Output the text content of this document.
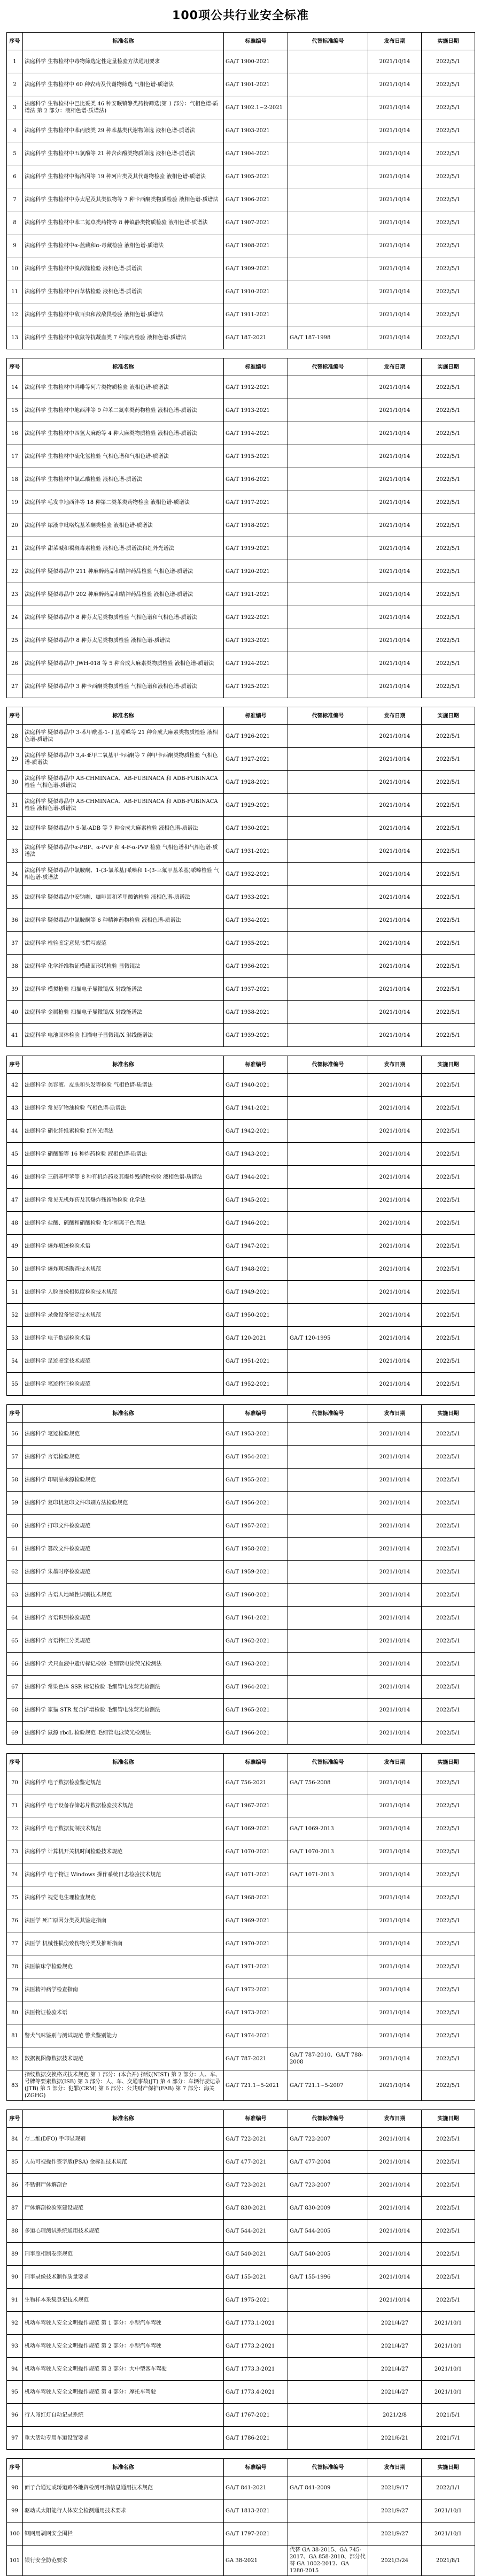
100项公共行业安全标准
序号	标准名称	标准编号	代替标准编号	发布日期	实施日期
1	法庭科学 生物检材中毒物筛选定性定量检验方法通用要求	GA/T 1900-2021		2021/10/14	2022/5/1
2	法庭科学 生物检材中 60 种农药及代谢物筛选 气相色谱-质谱法	GA/T 1901-2021		2021/10/14	2022/5/1
3	法庭科学 生物检材中巴比妥类 46 种安眠镇静类药物筛选(第 1 部分：气相色谱-质谱法 第 2 部分：液相色谱-质谱法)	GA/T 1902.1~2-2021		2021/10/14	2022/5/1
4	法庭科学 生物检材中苯丙胺类 29 种苯基类代谢物筛选 液相色谱-质谱法	GA/T 1903-2021		2021/10/14	2022/5/1
5	法庭科学 生物检材中五氯酚等 21 种含卤酚类物质筛选 液相色谱-质谱法	GA/T 1904-2021		2021/10/14	2022/5/1
6	法庭科学 生物检材中海洛因等 19 种阿片类及其代谢物检验 液相色谱-质谱法	GA/T 1905-2021		2021/10/14	2022/5/1
7	法庭科学 生物检材中芬太尼及其类似物等 7 种卡西酮类物质检验 液相色谱-质谱法	GA/T 1906-2021		2021/10/14	2022/5/1
8	法庭科学 生物检材中苯二氮卓类药物等 8 种镇静类物质检验 液相色谱-质谱法	GA/T 1907-2021		2021/10/14	2022/5/1
9	法庭科学 生物检材中α-蓝藏和α-毒藏检验 液相色谱-质谱法	GA/T 1908-2021		2021/10/14	2022/5/1
10	法庭科学 生物检材中溴敌隆检验 液相色谱-质谱法	GA/T 1909-2021		2021/10/14	2022/5/1
11	法庭科学 生物检材中百草枯检验 液相色谱-质谱法	GA/T 1910-2021		2021/10/14	2022/5/1
12	法庭科学 生物检材中敌百虫和敌敌畏检验 液相色谱-质谱法	GA/T 1911-2021		2021/10/14	2022/5/1
13	法庭科学 生物检材中敌鼠等抗凝血类 7 种鼠药检验 液相色谱-质谱法	GA/T 187-2021	GA/T 187-1998	2021/10/14	2022/5/1

序号	标准名称	标准编号	代替标准编号	发布日期	实施日期
14	法庭科学 生物检材中吗啡等阿片类物质检验 液相色谱-质谱法	GA/T 1912-2021		2021/10/14	2022/5/1
15	法庭科学 生物检材中地西泮等 9 种苯二氮卓类药物检验 液相色谱-质谱法	GA/T 1913-2021		2021/10/14	2022/5/1
16	法庭科学 生物检材中四氢大麻酚等 4 种大麻类物质检验 液相色谱-质谱法	GA/T 1914-2021		2021/10/14	2022/5/1
17	法庭科学 生物检材中硫化氢检验 气相色谱和气相色谱-质谱法	GA/T 1915-2021		2021/10/14	2022/5/1
18	法庭科学 生物检材中氯乙酸检验 液相色谱-质谱法	GA/T 1916-2021		2021/10/14	2022/5/1
19	法庭科学 毛发中地西泮等 18 种第二类苯类药物检验 液相色谱-质谱法	GA/T 1917-2021		2021/10/14	2022/5/1
20	法庭科学 尿液中吡咯烷基苯酮类检验 液相色谱-质谱法	GA/T 1918-2021		2021/10/14	2022/5/1
21	法庭科学 甜菜碱和褐斑毒素检验 液相色谱-质谱法和红外光谱法	GA/T 1919-2021		2021/10/14	2022/5/1
22	法庭科学 疑似毒品中 211 种麻醉药品和精神药品检验 气相色谱-质谱法	GA/T 1920-2021		2021/10/14	2022/5/1
23	法庭科学 疑似毒品中 202 种麻醉药品和精神药品检验 液相色谱-质谱法	GA/T 1921-2021		2021/10/14	2022/5/1
24	法庭科学 疑似毒品中 8 种芬太尼类物质检验 气相色谱和气相色谱-质谱法	GA/T 1922-2021		2021/10/14	2022/5/1
25	法庭科学 疑似毒品中 8 种芬太尼类物质检验 液相色谱-质谱法	GA/T 1923-2021		2021/10/14	2022/5/1
26	法庭科学 疑似毒品中 JWH-018 等 5 种合成大麻素类物质检验 液相色谱-质谱法	GA/T 1924-2021		2021/10/14	2022/5/1
27	法庭科学 疑似毒品中 3 种卡西酮类物质检验 气相色谱和液相色谱-质谱法	GA/T 1925-2021		2021/10/14	2022/5/1

序号	标准名称	标准编号	代替标准编号	发布日期	实施日期
28	法庭科学 疑似毒品中 3-苯甲酰基-1-丁基吲哚等 21 种合成大麻素类物质检验 液相色谱-质谱法	GA/T 1926-2021		2021/10/14	2022/5/1
29	法庭科学 疑似毒品中 3,4-亚甲二氧基甲卡西酮等 7 种甲卡西酮类物质检验 气相色谱-质谱法	GA/T 1927-2021		2021/10/14	2022/5/1
30	法庭科学 疑似毒品中 AB-CHMINACA、AB-FUBINACA 和 ADB-FUBINACA 检验 气相色谱-质谱法	GA/T 1928-2021		2021/10/14	2022/5/1
31	法庭科学 疑似毒品中 AB-CHMINACA、AB-FUBINACA 和 ADB-FUBINACA 检验 液相色谱-质谱法	GA/T 1929-2021		2021/10/14	2022/5/1
32	法庭科学 疑似毒品中 5-氟-ADB 等 7 种合成大麻素检验 液相色谱-质谱法	GA/T 1930-2021		2021/10/14	2022/5/1
33	法庭科学 疑似毒品中α-PBP、α-PVP 和 4-F-α-PVP 检验 气相色谱和气相色谱-质谱法	GA/T 1931-2021		2021/10/14	2022/5/1
34	法庭科学 疑似毒品中氯胺酮、1-(3-氯苯基)哌嗪和 1-(3-三氟甲基苯基)哌嗪检验 气相色谱-质谱法	GA/T 1932-2021		2021/10/14	2022/5/1
35	法庭科学 疑似毒品中安钠咖、咖啡因和苯甲酸钠检验 液相色谱-质谱法	GA/T 1933-2021		2021/10/14	2022/5/1
36	法庭科学 疑似毒品中氯胺酮等 6 种精神药物检验 液相色谱-质谱法	GA/T 1934-2021		2021/10/14	2022/5/1
37	法庭科学 检验鉴定意见书撰写规范	GA/T 1935-2021		2021/10/14	2022/5/1
38	法庭科学 化学纤维物证横截面形状检验 显微镜法	GA/T 1936-2021		2021/10/14	2022/5/1
39	法庭科学 模拟枪验 扫描电子显微镜/X 射线能谱法	GA/T 1937-2021		2021/10/14	2022/5/1
40	法庭科学 金属枪验 扫描电子显微镜/X 射线能谱法	GA/T 1938-2021		2021/10/14	2022/5/1
41	法庭科学 电池固体检验 扫描电子显微镜/X 射线能谱法	GA/T 1939-2021		2021/10/14	2022/5/1

序号	标准名称	标准编号	代替标准编号	发布日期	实施日期
42	法庭科学 美容液、皮肤和头发等检验 气相色谱-质谱法	GA/T 1940-2021		2021/10/14	2022/5/1
43	法庭科学 常见矿物油检验 气相色谱-质谱法	GA/T 1941-2021		2021/10/14	2022/5/1
44	法庭科学 硝化纤维素检验 红外光谱法	GA/T 1942-2021		2021/10/14	2022/5/1
45	法庭科学 硝酸酯等 16 种炸药检验 液相色谱-质谱法	GA/T 1943-2021		2021/10/14	2022/5/1
46	法庭科学 三硝基甲苯等 8 种有机炸药及其爆炸残留物检验 液相色谱-质谱法	GA/T 1944-2021		2021/10/14	2022/5/1
47	法庭科学 常见无机炸药及其爆炸残留物检验 化学法	GA/T 1945-2021		2021/10/14	2022/5/1
48	法庭科学 盐酸、硫酸和硝酸检验 化学和离子色谱法	GA/T 1946-2021		2021/10/14	2022/5/1
49	法庭科学 爆炸痕迹检验术语	GA/T 1947-2021		2021/10/14	2022/5/1
50	法庭科学 爆炸现场勘查技术规范	GA/T 1948-2021		2021/10/14	2022/5/1
51	法庭科学 人脸图像相似度检验技术规范	GA/T 1949-2021		2021/10/14	2022/5/1
52	法庭科学 录像设备鉴定技术规范	GA/T 1950-2021		2021/10/14	2022/5/1
53	法庭科学 电子数据检验术语	GA/T 120-2021	GA/T 120-1995	2021/10/14	2022/5/1
54	法庭科学 足迹鉴定技术规范	GA/T 1951-2021		2021/10/14	2022/5/1
55	法庭科学 笔迹特征检验规范	GA/T 1952-2021		2021/10/14	2022/5/1

序号	标准名称	标准编号	代替标准编号	发布日期	实施日期
56	法庭科学 笔迹检验规范	GA/T 1953-2021		2021/10/14	2022/5/1
57	法庭科学 言语检验规范	GA/T 1954-2021		2021/10/14	2022/5/1
58	法庭科学 印刷品来源检验规范	GA/T 1955-2021		2021/10/14	2022/5/1
59	法庭科学 复印机复印文件印刷方法检验规范	GA/T 1956-2021		2021/10/14	2022/5/1
60	法庭科学 打印文件检验规范	GA/T 1957-2021		2021/10/14	2022/5/1
61	法庭科学 篡改文件检验规范	GA/T 1958-2021		2021/10/14	2022/5/1
62	法庭科学 朱墨时序检验规范	GA/T 1959-2021		2021/10/14	2022/5/1
63	法庭科学 古语人地域性识别技术规范	GA/T 1960-2021		2021/10/14	2022/5/1
64	法庭科学 言语识别检验规范	GA/T 1961-2021		2021/10/14	2022/5/1
65	法庭科学 言语特征分类规范	GA/T 1962-2021		2021/10/14	2022/5/1
66	法庭科学 犬只血液中遗传标记检验 毛细管电泳荧光检测法	GA/T 1963-2021		2021/10/14	2022/5/1
67	法庭科学 常染色体 SSR 标记检验 毛细管电泳荧光检测法	GA/T 1964-2021		2021/10/14	2022/5/1
68	法庭科学 家猫 STR 复合扩增检验 毛细管电泳荧光检测法	GA/T 1965-2021		2021/10/14	2022/5/1
69	法庭科学 鼠源 rbcL 检验规范 毛细管电泳荧光检测法	GA/T 1966-2021		2021/10/14	2022/5/1

序号	标准名称	标准编号	代替标准编号	发布日期	实施日期
70	法庭科学 电子数据检验鉴定规范	GA/T 756-2021	GA/T 756-2008	2021/10/14	2022/5/1
71	法庭科学 电子设备存储芯片数据检验技术规范	GA/T 1967-2021		2021/10/14	2022/5/1
72	法庭科学 电子数据复制技术规范	GA/T 1069-2021	GA/T 1069-2013	2021/10/14	2022/5/1
73	法庭科学 计算机开关机时间检验技术规范	GA/T 1070-2021	GA/T 1070-2013	2021/10/14	2022/5/1
74	法庭科学 电子物证 Windows 操作系统日志检验技术规范	GA/T 1071-2021	GA/T 1071-2013	2021/10/14	2022/5/1
75	法庭科学 视觉电生理检查规范	GA/T 1968-2021		2021/10/14	2022/5/1
76	法医学 死亡原因分类及其鉴定指南	GA/T 1969-2021		2021/10/14	2022/5/1
77	法医学 机械性损伤致伤物分类及推断指南	GA/T 1970-2021		2021/10/14	2022/5/1
78	法医临床学检验规范	GA/T 1971-2021		2021/10/14	2022/5/1
79	法医精神病学检查指南	GA/T 1972-2021		2021/10/14	2022/5/1
80	法医物证检验术语	GA/T 1973-2021		2021/10/14	2022/5/1
81	警犬气味鉴别与测试规范 警犬鉴别能力	GA/T 1974-2021		2021/10/14	2022/5/1
82	数据视图像数据技术规范	GA/T 787-2021	GA/T 787-2010、GA/T 788-2008	2021/10/14	2022/5/1
83	指纹数据交换格式技术规范 第 1 部分：(本合并) 指纹(NIST) 第 2 部分：人、车、号牌等要素数据(ISB) 第 3 部分：人、车、交通事故(JT) 第 4 部分：车辆行驶记录(JTB) 第 5 部分：犯罪(CRM) 第 6 部分：公共财产保护(FAB) 第 7 部分：海关(ZGHG)	GA/T 721.1~5-2021	GA/T 721.1~5-2007	2021/10/14	2022/5/1

序号	标准名称	标准编号	代替标准编号	发布日期	实施日期
84	存二维(DFO) 手印显现剂	GA/T 722-2021	GA/T 722-2007	2021/10/14	2022/5/1
85	人员可视操作签字版(PSA) 金标准技术规范	GA/T 477-2021	GA/T 477-2004	2021/10/14	2022/5/1
86	不锈钢尸体解剖台	GA/T 723-2021	GA/T 723-2007	2021/10/14	2022/5/1
87	尸体解剖检验室建设规范	GA/T 830-2021	GA/T 830-2009	2021/10/14	2022/5/1
88	多道心理测试系统通用技术规范	GA/T 544-2021	GA/T 544-2005	2021/10/14	2022/5/1
89	刑事照相制卷宗规范	GA/T 540-2021	GA/T 540-2005	2021/10/14	2022/5/1
90	刑事录像技术制作质量要求	GA/T 155-2021	GA/T 155-1996	2021/10/14	2022/5/1
91	生物样本采集登记技术规范	GA/T 1975-2021		2021/10/14	2022/5/1
92	机动车驾驶人安全文明操作规范 第 1 部分：小型汽车驾驶	GA/T 1773.1-2021		2021/4/27	2021/10/1
93	机动车驾驶人安全文明操作规范 第 2 部分：小型汽车驾驶	GA/T 1773.2-2021		2021/4/27	2021/10/1
94	机动车驾驶人安全文明操作规范 第 3 部分：大中型客车驾驶	GA/T 1773.3-2021		2021/4/27	2021/10/1
95	机动车驾驶人安全文明操作规范 第 4 部分：摩托车驾驶	GA/T 1773.4-2021		2021/4/27	2021/10/1
96	行人闯红灯自动记录系统	GA/T 1767-2021		2021/2/8	2021/5/1
97	重大活动专用车道设置要求	GA/T 1786-2021		2021/6/21	2021/7/1

序号	标准名称	标准编号	代替标准编号	发布日期	实施日期
98	面子合通过或轿道路各地资检测可指信息通用技术规范	GA/T 841-2021	GA/T 841-2009	2021/9/17	2022/1/1
99	驱动式太阳能行人体安全检测通用技术要求	GA/T 1813-2021		2021/9/27	2021/10/1
100	钢网用剥网安全围栏	GA/T 1797-2021		2021/9/27	2021/10/1
101	银行安全防范要求	GA 38-2021	代替 GA 38-2015、GA 745-2017、GA 858-2010、部分代替 GA 1002-2012、GA 1280-2015	2021/3/24	2021/8/1
